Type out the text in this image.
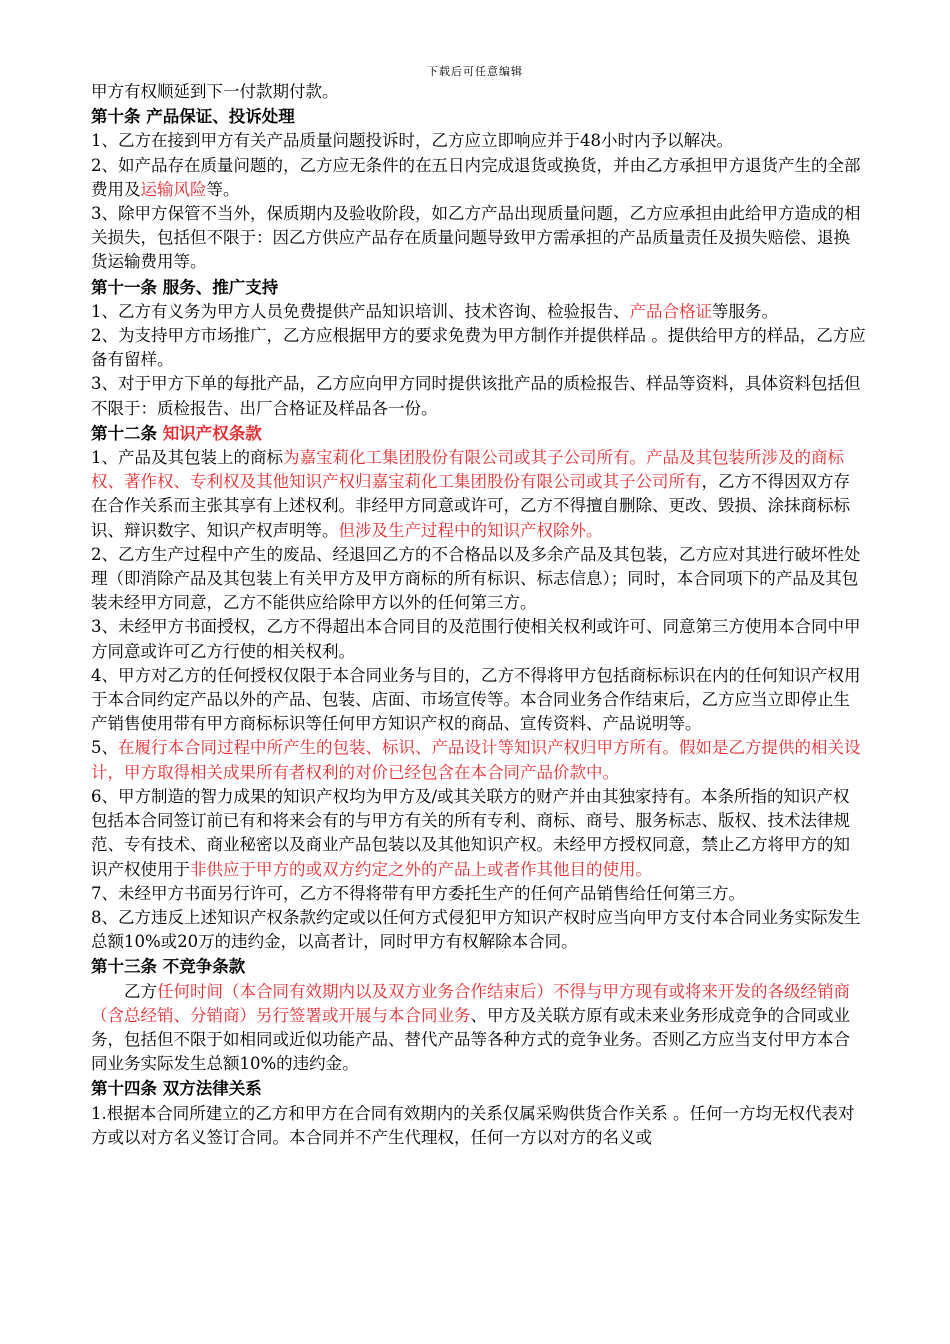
下载后可任意编辑

甲方有权顺延到下一付款期付款。

第十条 产品保证、投诉处理

1、乙方在接到甲方有关产品质量问题投诉时，乙方应立即响应并于48小时内予以解决。

2、如产品存在质量问题的，乙方应无条件的在五日内完成退货或换货，并由乙方承担甲方退货产生的全部费用及运输风险等。

3、除甲方保管不当外，保质期内及验收阶段，如乙方产品出现质量问题，乙方应承担由此给甲方造成的相关损失，包括但不限于：因乙方供应产品存在质量问题导致甲方需承担的产品质量责任及损失赔偿、退换货运输费用等。

第十一条 服务、推广支持

1、乙方有义务为甲方人员免费提供产品知识培训、技术咨询、检验报告、产品合格证等服务。

2、为支持甲方市场推广，乙方应根据甲方的要求免费为甲方制作并提供样品 。提供给甲方的样品，乙方应备有留样。

3、对于甲方下单的每批产品，乙方应向甲方同时提供该批产品的质检报告、样品等资料，具体资料包括但不限于：质检报告、出厂合格证及样品各一份。

第十二条 知识产权条款

1、产品及其包装上的商标为嘉宝莉化工集团股份有限公司或其子公司所有。产品及其包装所涉及的商标权、著作权、专利权及其他知识产权归嘉宝莉化工集团股份有限公司或其子公司所有，乙方不得因双方存在合作关系而主张其享有上述权利。非经甲方同意或许可，乙方不得擅自删除、更改、毁损、涂抹商标标识、辩识数字、知识产权声明等。但涉及生产过程中的知识产权除外。

2、乙方生产过程中产生的废品、经退回乙方的不合格品以及多余产品及其包装，乙方应对其进行破坏性处理（即消除产品及其包装上有关甲方及甲方商标的所有标识、标志信息）；同时，本合同项下的产品及其包装未经甲方同意，乙方不能供应给除甲方以外的任何第三方。

3、未经甲方书面授权，乙方不得超出本合同目的及范围行使相关权利或许可、同意第三方使用本合同中甲方同意或许可乙方行使的相关权利。

4、甲方对乙方的任何授权仅限于本合同业务与目的，乙方不得将甲方包括商标标识在内的任何知识产权用于本合同约定产品以外的产品、包装、店面、市场宣传等。本合同业务合作结束后，乙方应当立即停止生产销售使用带有甲方商标标识等任何甲方知识产权的商品、宣传资料、产品说明等。

5、在履行本合同过程中所产生的包装、标识、产品设计等知识产权归甲方所有。假如是乙方提供的相关设计，甲方取得相关成果所有者权利的对价已经包含在本合同产品价款中。

6、甲方制造的智力成果的知识产权均为甲方及/或其关联方的财产并由其独家持有。本条所指的知识产权包括本合同签订前已有和将来会有的与甲方有关的所有专利、商标、商号、服务标志、版权、技术法律规范、专有技术、商业秘密以及商业产品包装以及其他知识产权。未经甲方授权同意，禁止乙方将甲方的知识产权使用于非供应于甲方的或双方约定之外的产品上或者作其他目的使用。

7、未经甲方书面另行许可，乙方不得将带有甲方委托生产的任何产品销售给任何第三方。

8、乙方违反上述知识产权条款约定或以任何方式侵犯甲方知识产权时应当向甲方支付本合同业务实际发生总额10%或20万的违约金，以高者计，同时甲方有权解除本合同。

第十三条 不竞争条款

乙方任何时间（本合同有效期内以及双方业务合作结束后）不得与甲方现有或将来开发的各级经销商（含总经销、分销商）另行签署或开展与本合同业务、甲方及关联方原有或未来业务形成竞争的合同或业务，包括但不限于如相同或近似功能产品、替代产品等各种方式的竞争业务。否则乙方应当支付甲方本合同业务实际发生总额10%的违约金。

第十四条 双方法律关系

1.根据本合同所建立的乙方和甲方在合同有效期内的关系仅属采购供货合作关系 。任何一方均无权代表对方或以对方名义签订合同。本合同并不产生代理权，任何一方以对方的名义或
